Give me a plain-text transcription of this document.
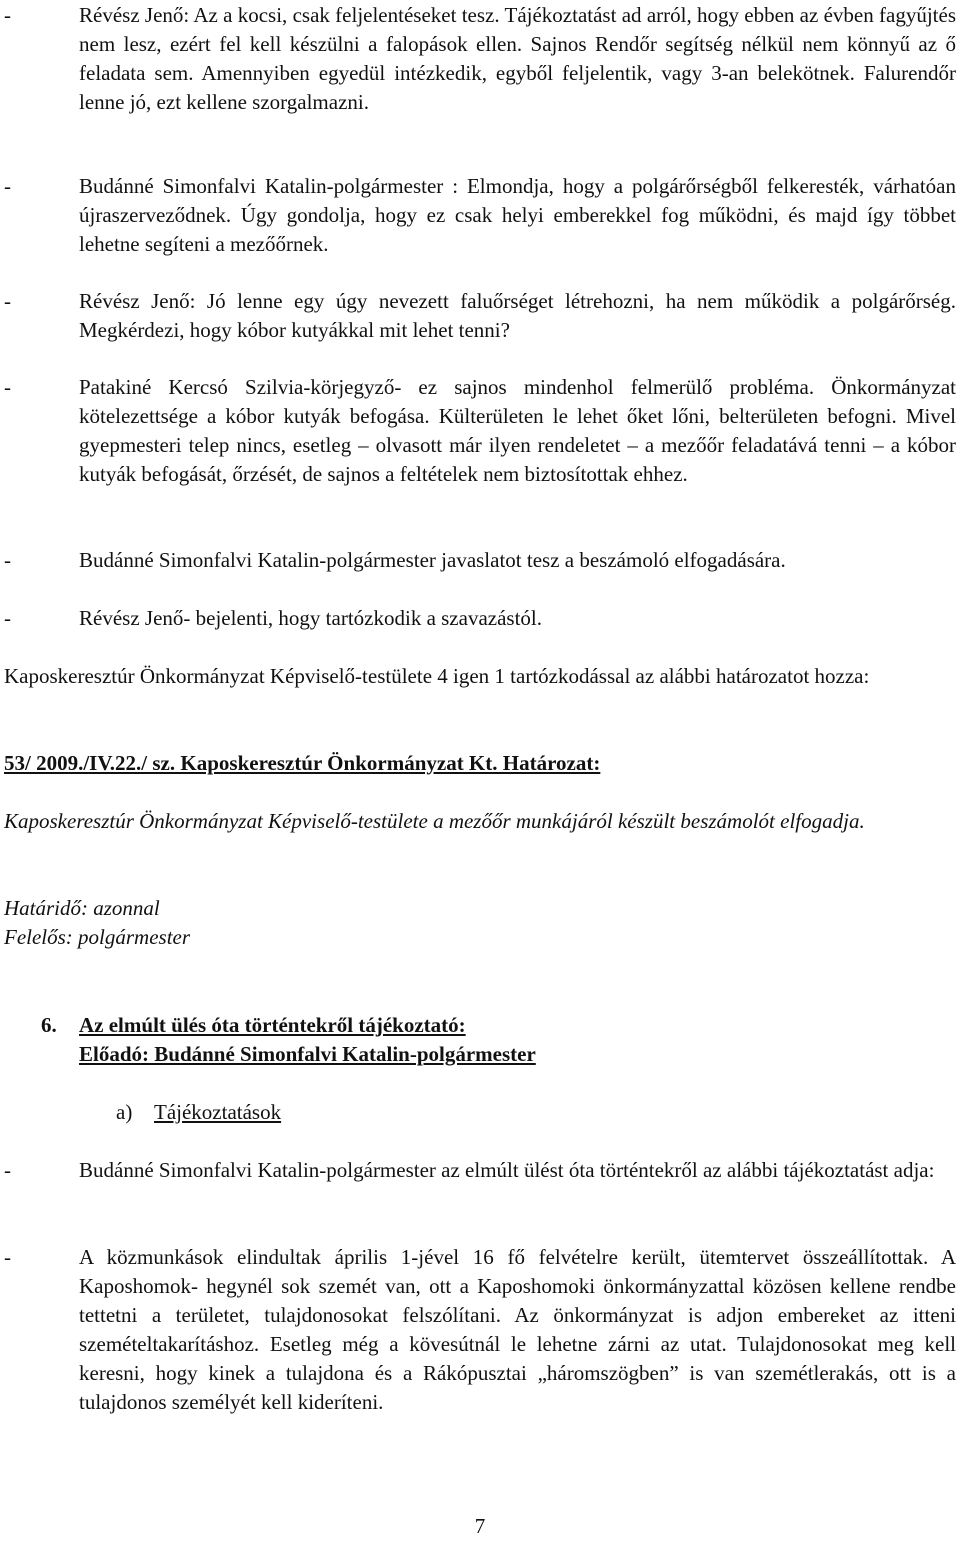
-	Révész Jenő: Az a kocsi, csak feljelentéseket tesz. Tájékoztatást ad arról, hogy ebben az évben fagyűjtés nem lesz, ezért fel kell készülni a falopások ellen. Sajnos Rendőr segítség nélkül nem könnyű az ő feladata sem. Amennyiben egyedül intézkedik, egyből feljelentik, vagy 3-an belekötnek. Falurendőr lenne jó, ezt kellene szorgalmazni.
-	Budánné Simonfalvi Katalin-polgármester : Elmondja, hogy a polgárőrségből felkeresték, várhatóan újraszerveződnek. Úgy gondolja, hogy ez csak helyi emberekkel fog működni, és majd így többet lehetne segíteni a mezőőrnek.
-	Révész Jenő: Jó lenne egy úgy nevezett faluőrséget létrehozni, ha nem működik a polgárőrség. Megkérdezi, hogy kóbor kutyákkal mit lehet tenni?
-	Patakiné Kercsó Szilvia-körjegyző- ez sajnos mindenhol felmerülő probléma. Önkormányzat kötelezettsége a kóbor kutyák befogása. Külterületen le lehet őket lőni, belterületen befogni. Mivel gyepmesteri telep nincs, esetleg – olvasott már ilyen rendeletet – a mezőőr feladatává tenni – a kóbor kutyák befogását, őrzését, de sajnos a feltételek nem biztosítottak ehhez.
-	Budánné Simonfalvi Katalin-polgármester javaslatot tesz a beszámoló elfogadására.
-	Révész Jenő- bejelenti, hogy tartózkodik a szavazástól.
Kaposkeresztúr Önkormányzat Képviselő-testülete 4 igen 1 tartózkodással az alábbi határozatot hozza:
53/ 2009./IV.22./ sz. Kaposkeresztúr Önkormányzat Kt. Határozat:
Kaposkeresztúr Önkormányzat Képviselő-testülete a mezőőr munkájáról készült beszámolót elfogadja.
Határidő: azonnal
Felelős: polgármester
6. Az elmúlt ülés óta történtekről tájékoztató:
Előadó: Budánné Simonfalvi Katalin-polgármester
a) Tájékoztatások
-	Budánné Simonfalvi Katalin-polgármester az elmúlt ülést óta történtekről az alábbi tájékoztatást adja:
-	A közmunkások elindultak április 1-jével 16 fő felvételre került, ütemtervet összeállítottak. A Kaposhomok- hegynél sok szemét van, ott a Kaposhomoki önkormányzattal közösen kellene rendbe tettetni a területet, tulajdonosokat felszólítani. Az önkormányzat is adjon embereket az itteni szemételtakarításhoz. Esetleg még a kövesútnál le lehetne zárni az utat. Tulajdonosokat meg kell keresni, hogy kinek a tulajdona és a Rákópusztai „háromszögben” is van szemétlerakás, ott is a tulajdonos személyét kell kideríteni.
7
